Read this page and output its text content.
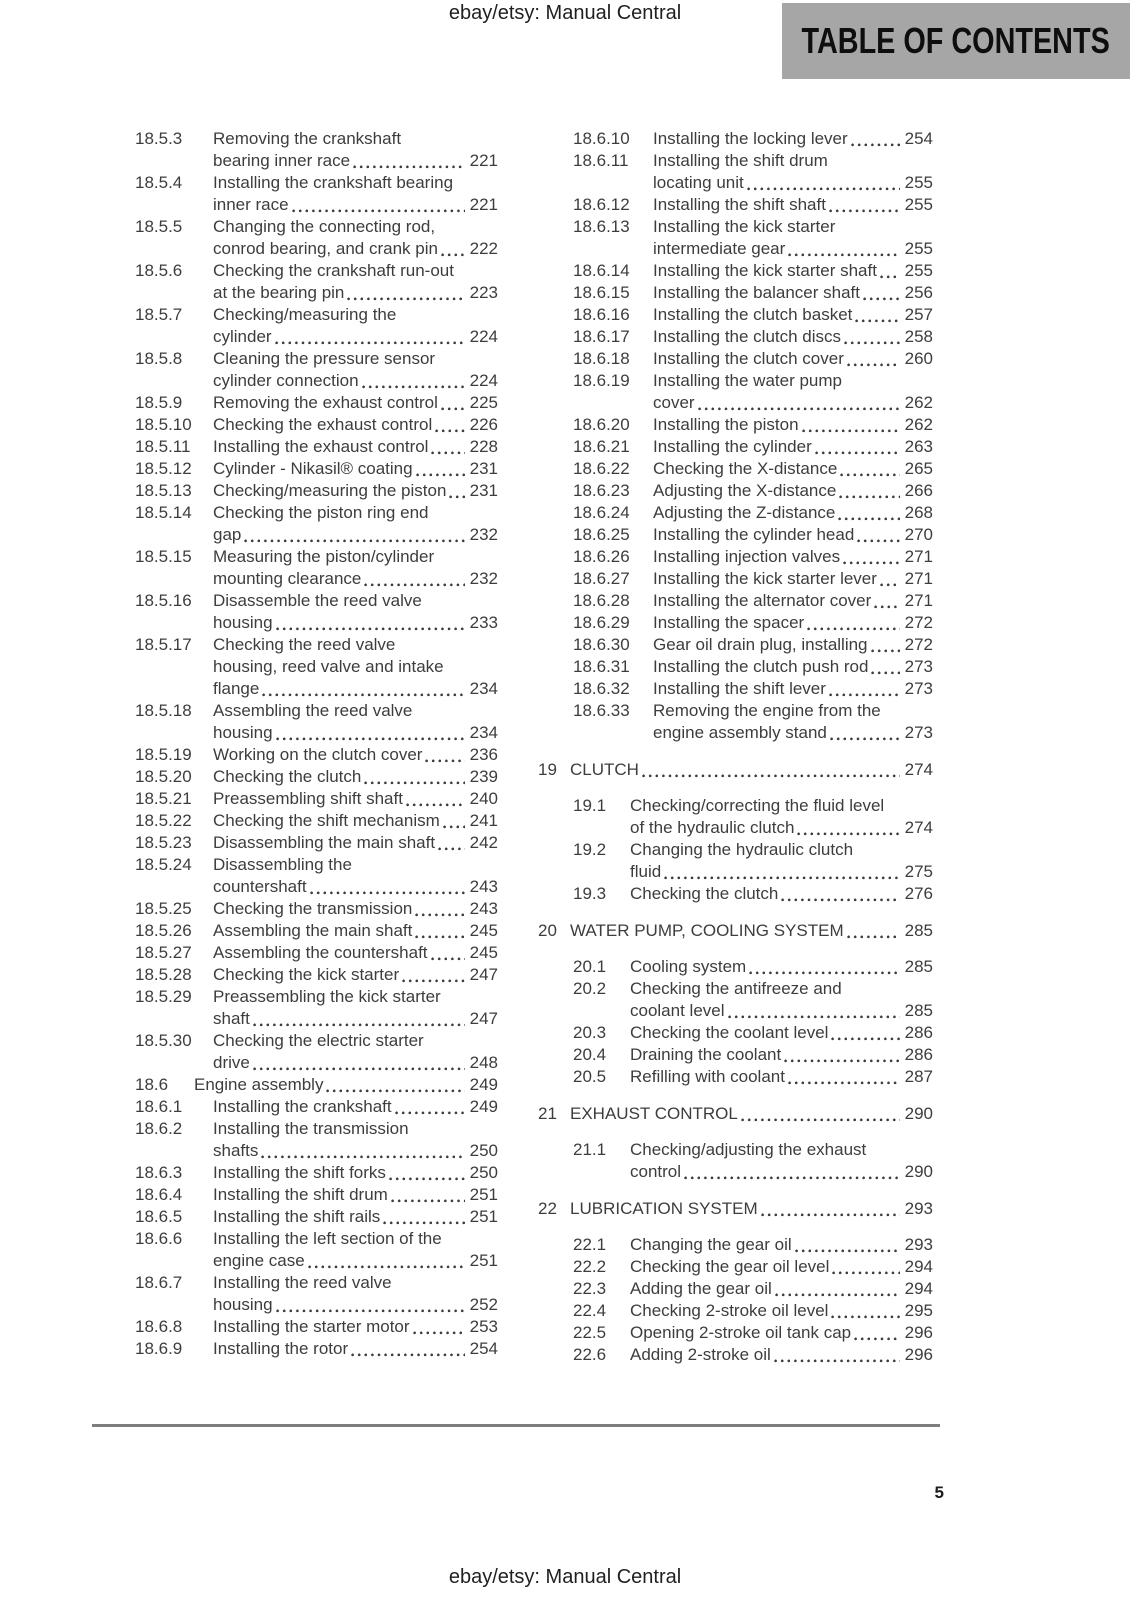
ebay/etsy: Manual Central
TABLE OF CONTENTS
18.5.3	Removing the crankshaft
bearing inner race	221
18.5.4	Installing the crankshaft bearing
inner race	221
18.5.5	Changing the connecting rod,
conrod bearing, and crank pin 222
18.5.6	Checking the crankshaft run-out
at the bearing pin	223
18.5.7	Checking/measuring the
cylinder	224
18.5.8	Cleaning the pressure sensor
cylinder connection	224
18.5.9	Removing the exhaust control 225
18.5.10	Checking the exhaust control 226
18.5.11	Installing the exhaust control 228
18.5.12	Cylinder - Nikasil® coating	231
18.5.13	Checking/measuring the piston 231
18.5.14	Checking the piston ring end
gap	232
18.5.15	Measuring the piston/cylinder
mounting clearance	232
18.5.16	Disassemble the reed valve
housing	233
18.5.17	Checking the reed valve
housing, reed valve and intake
flange	234
18.5.18	Assembling the reed valve
housing	234
18.5.19	Working on the clutch cover	236
18.5.20	Checking the clutch	239
18.5.21	Preassembling shift shaft	240
18.5.22	Checking the shift mechanism 241
18.5.23	Disassembling the main shaft 242
18.5.24	Disassembling the
countershaft	243
18.5.25	Checking the transmission	243
18.5.26	Assembling the main shaft	245
18.5.27	Assembling the countershaft 245
18.5.28	Checking the kick starter	247
18.5.29	Preassembling the kick starter
shaft	247
18.5.30	Checking the electric starter
drive	248
18.6	Engine assembly	249
18.6.1	Installing the crankshaft	249
18.6.2	Installing the transmission
shafts	250
18.6.3	Installing the shift forks	250
18.6.4	Installing the shift drum	251
18.6.5	Installing the shift rails	251
18.6.6	Installing the left section of the
engine case	251
18.6.7	Installing the reed valve
housing	252
18.6.8	Installing the starter motor	253
18.6.9	Installing the rotor	254
18.6.10	Installing the locking lever	254
18.6.11	Installing the shift drum
locating unit	255
18.6.12	Installing the shift shaft	255
18.6.13	Installing the kick starter
intermediate gear	255
18.6.14	Installing the kick starter shaft 255
18.6.15	Installing the balancer shaft	256
18.6.16	Installing the clutch basket	257
18.6.17	Installing the clutch discs	258
18.6.18	Installing the clutch cover	260
18.6.19	Installing the water pump
cover	262
18.6.20	Installing the piston	262
18.6.21	Installing the cylinder	263
18.6.22	Checking the X-distance	265
18.6.23	Adjusting the X-distance	266
18.6.24	Adjusting the Z-distance	268
18.6.25	Installing the cylinder head	270
18.6.26	Installing injection valves	271
18.6.27	Installing the kick starter lever 271
18.6.28	Installing the alternator cover 271
18.6.29	Installing the spacer	272
18.6.30	Gear oil drain plug, installing 272
18.6.31	Installing the clutch push rod 273
18.6.32	Installing the shift lever	273
18.6.33	Removing the engine from the
engine assembly stand	273
19 CLUTCH	274
19.1	Checking/correcting the fluid level
of the hydraulic clutch	274
19.2	Changing the hydraulic clutch
fluid	275
19.3	Checking the clutch	276
20 WATER PUMP, COOLING SYSTEM	285
20.1	Cooling system	285
20.2	Checking the antifreeze and
coolant level	285
20.3	Checking the coolant level	286
20.4	Draining the coolant	286
20.5	Refilling with coolant	287
21 EXHAUST CONTROL	290
21.1	Checking/adjusting the exhaust
control	290
22 LUBRICATION SYSTEM	293
22.1	Changing the gear oil	293
22.2	Checking the gear oil level	294
22.3	Adding the gear oil	294
22.4	Checking 2-stroke oil level	295
22.5	Opening 2-stroke oil tank cap	296
22.6	Adding 2-stroke oil	296
5
ebay/etsy: Manual Central
